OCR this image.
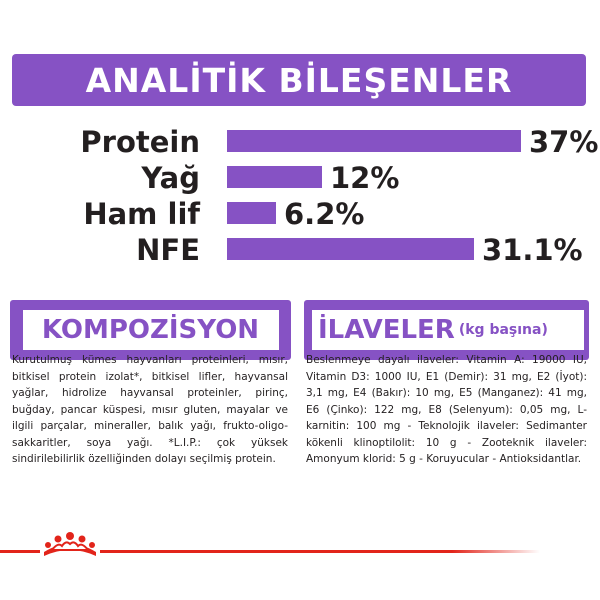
ANALİTİK BİLEŞENLER
Protein	37%
Yağ	12%
Ham lif	6.2%
NFE	31.1%
KOMPOZİSYON İLAVELER (kg başına)
Kurutulmuş kümes hayvanları proteinleri, mısır, bitkisel protein izolat*, bitkisel lifler, hayvansal yağlar, hidrolize hayvansal proteinler, pirinç, buğday, pancar küspesi, mısır gluten, mayalar ve ilgili parçalar, mineraller, balık yağı, frukto-oligo-sakkaritler, soya yağı. *L.I.P.: çok yüksek sindirilebilirlik özelliğinden dolayı seçilmiş protein.
Beslenmeye dayalı ilaveler: Vitamin A: 19000 IU, Vitamin D3: 1000 IU, E1 (Demir): 31 mg, E2 (İyot): 3,1 mg, E4 (Bakır): 10 mg, E5 (Manganez): 41 mg, E6 (Çinko): 122 mg, E8 (Selenyum): 0,05 mg, L-karnitin: 100 mg - Teknolojik ilaveler: Sedimanter kökenli klinoptilolit: 10 g - Zooteknik ilaveler: Amonyum klorid: 5 g - Koruyucular - Antioksidantlar.
